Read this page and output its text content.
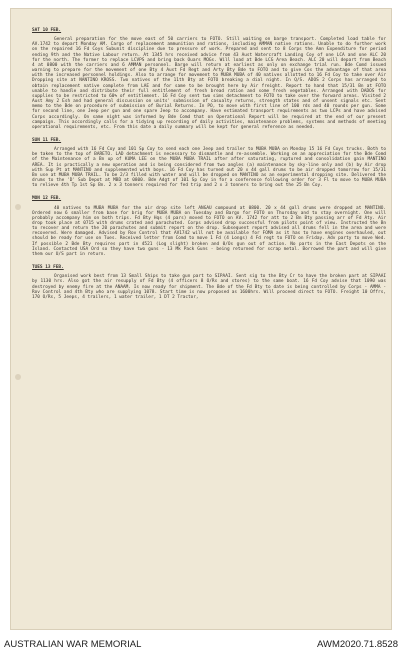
SAT 10 FEB.
General preparation for the move east of 50 carriers to FOTO. Still waiting on barge transport. Completed load table for AV.1742 to depart Monday AM. Cargo of replacement ammunition and rations, including AMMAN native rations. Unable to do further work on the repaired 16 Fd Coys Subunit discipline due to pressure of work. Prepared and sent to 8 Corps the Amn Expenditure for period ending 9th and the Native Labour return. At 1345 hrs received advice from 43 Aust Watercraft Landing Coy of one LCA and one ALC 20 for the north. The former to replace LCVPS and bring back Ouars MOGs. Will load at Bde LCG Area Beach. ALC 20 will depart from Beach 4 at 0800 with the carriers and 6 AMMAN personnel. Barge will return at earliest as only on exchange trial run. Bde Comd issued warning to prepare for the movement of one Bty 4 Aust Fd Regt and Arty Bty Bde to FOTO and to give Cos the advantage of that area with the increased personnel holdings. Also to arrange for movement to MUBA MUBA of 40 natives allotted to 16 Fd Coy to take over Air Dropping site at NANTINO KROSS. Two natives of the 11th Bty at FOTO breaking a dial night. In Q/S. ADOS 2 Corps has arranged to obtain replacement native complete from LAE and for same to be brought here by Air freight. Report to hand that 15/31 Bn at FOTO unable to handle and distribute their full entitlement of fresh bread ration and some fresh vegetables. Arranged with DADOS for supplies to be restricted to 60% of entitlement. 16 Fd Coy sent two sims detachment to FOTO to take over the forward areas. Visited 2 Aust Amy 2 Esh and had general discussion on units' submission of casualty returns, strength states and of unsent signals etc. Sent memo to the Bde on procedure of submission of Burial Returns. In PO, to move with first line of 100 rds and 40 rounds per gun. Some for second line, one Jeep per gun and one spare Jeep to accompany. Have estimated transport requirements as two LCPs and have advised Corps accordingly. On same night was informed by Bde Comd that on Operational Report will be required at the end of our present campaign. This accordingly calls for a tidying up recording of daily activities, maintenance problems, systems and methods of meeting operational requirements, etc. From this date a daily summary will be kept for general reference as needed.
SUN 11 FEB.
Arranged with 16 Fd Coy and 101 Sp Coy to send each one Jeep and trailer to MUBA MUBA on Monday 15 16 Fd Coys trucks. Both to be taken to the top of BARETO. LAD detachment is necessary to dismantle and re-assemble. Working on an appreciation for the Bde Comd of the Maintenance of a Bn up of KUMA LEE on the MUBA MUBA TRAIL after after saturating, ruptured and consolidation gain MANTINO AREA. It is practically a new operation and is being considered from two angles (a) maintenance by sky-line only and (b) by Air drop with Sup Pt at MANTINO and supplemented with boys. 16 Fd Coy has turned out 20 x 44 gall drums to be air dropped tomorrow for 15/31 Bn use at MUBA MUBA TRAIL. To be 2/3 filled with water and will be dropped on MANTINO as an experimental dropping site. Delivered the drums to the 'D' Sub Depot at MBD at 0800. Bde Adgt of 101 Sp Coy in for a conference following order for 3 Fl to move to MUBA MUBA to relieve 4th Tp 1st Sp Bn. 2 x 3 tonners required for fed trip and 2 x 3 tonners to bring out the 25 Bn Coy.
MON 12 FEB.
40 natives to MUBA MUBA for the air drop site left ANGAU compound at 0800. 20 x 44 gall drums were dropped at MANTINO. Ordered now 6 smaller from base for brig for MUBA MUBA on Tuesday and Bargo for FOTO on Thursday and to stay overnight. One will probably accompany him on both trips. Fd Bty Hqs (4 pars) moved to FOTO on AV. 1742 for att to 2 Bn Bty passing arr of Fd Aty. Air drop took place at 0715 with drums crated and parachuted. Corps advised drop successful from pilots point of view. Instructed the Bn to recover and return the 20 parachutes and submit report on the drop. Subsequent report advised all drums fell in the area and were recovered. Were damaged. Advised by Rov Control that AV1742 will not be available for FOMA as it has to have engines overhauled, out should be ready for use on Tues. Received letter from Comd to move 1 Fd (4 Longs) 4 Fd regt to FOTO on Friday. Adv party to move Wed. If possible 2 Bde Bty requires part in 4521 (Log slight) broken and 0/Os gun out of action. No parts in the East Depots on the Island. Contacted USA Ord so they have two guns - 13 Mk Pack Guns - being returned for scrap metal. Borrowed the part and will give them our U/S part in return.
TUES 13 FEB.
Organised work best from 13 Small Ships to take gun part to SIPAAI. Sent sig to the Bty Cr to have the broken part at SIPAAI by 1130 hrs. Also got the air resupply of Fd Bty (4 officers 8 O/Rs and stores) to the same boat. 16 Fd Coy advise that 1090 was destroyed by enemy fire at the ANAAM. Is now ready for shipment. The Bde of the Fd Bty to date is being controlled by Corps - AMMA - Rov Control and 4th Bty who are supplying 1078. Start time is now proposed as 1600hrs. Will proceed direct to FOTO. Freight 10 Offrs, 170 O/Rs, 5 Jeeps, 4 trailers, 1 water trailer, 1 DT 2 Tractor,
AUSTRALIAN WAR MEMORIAL	AWM2020.71.8528
